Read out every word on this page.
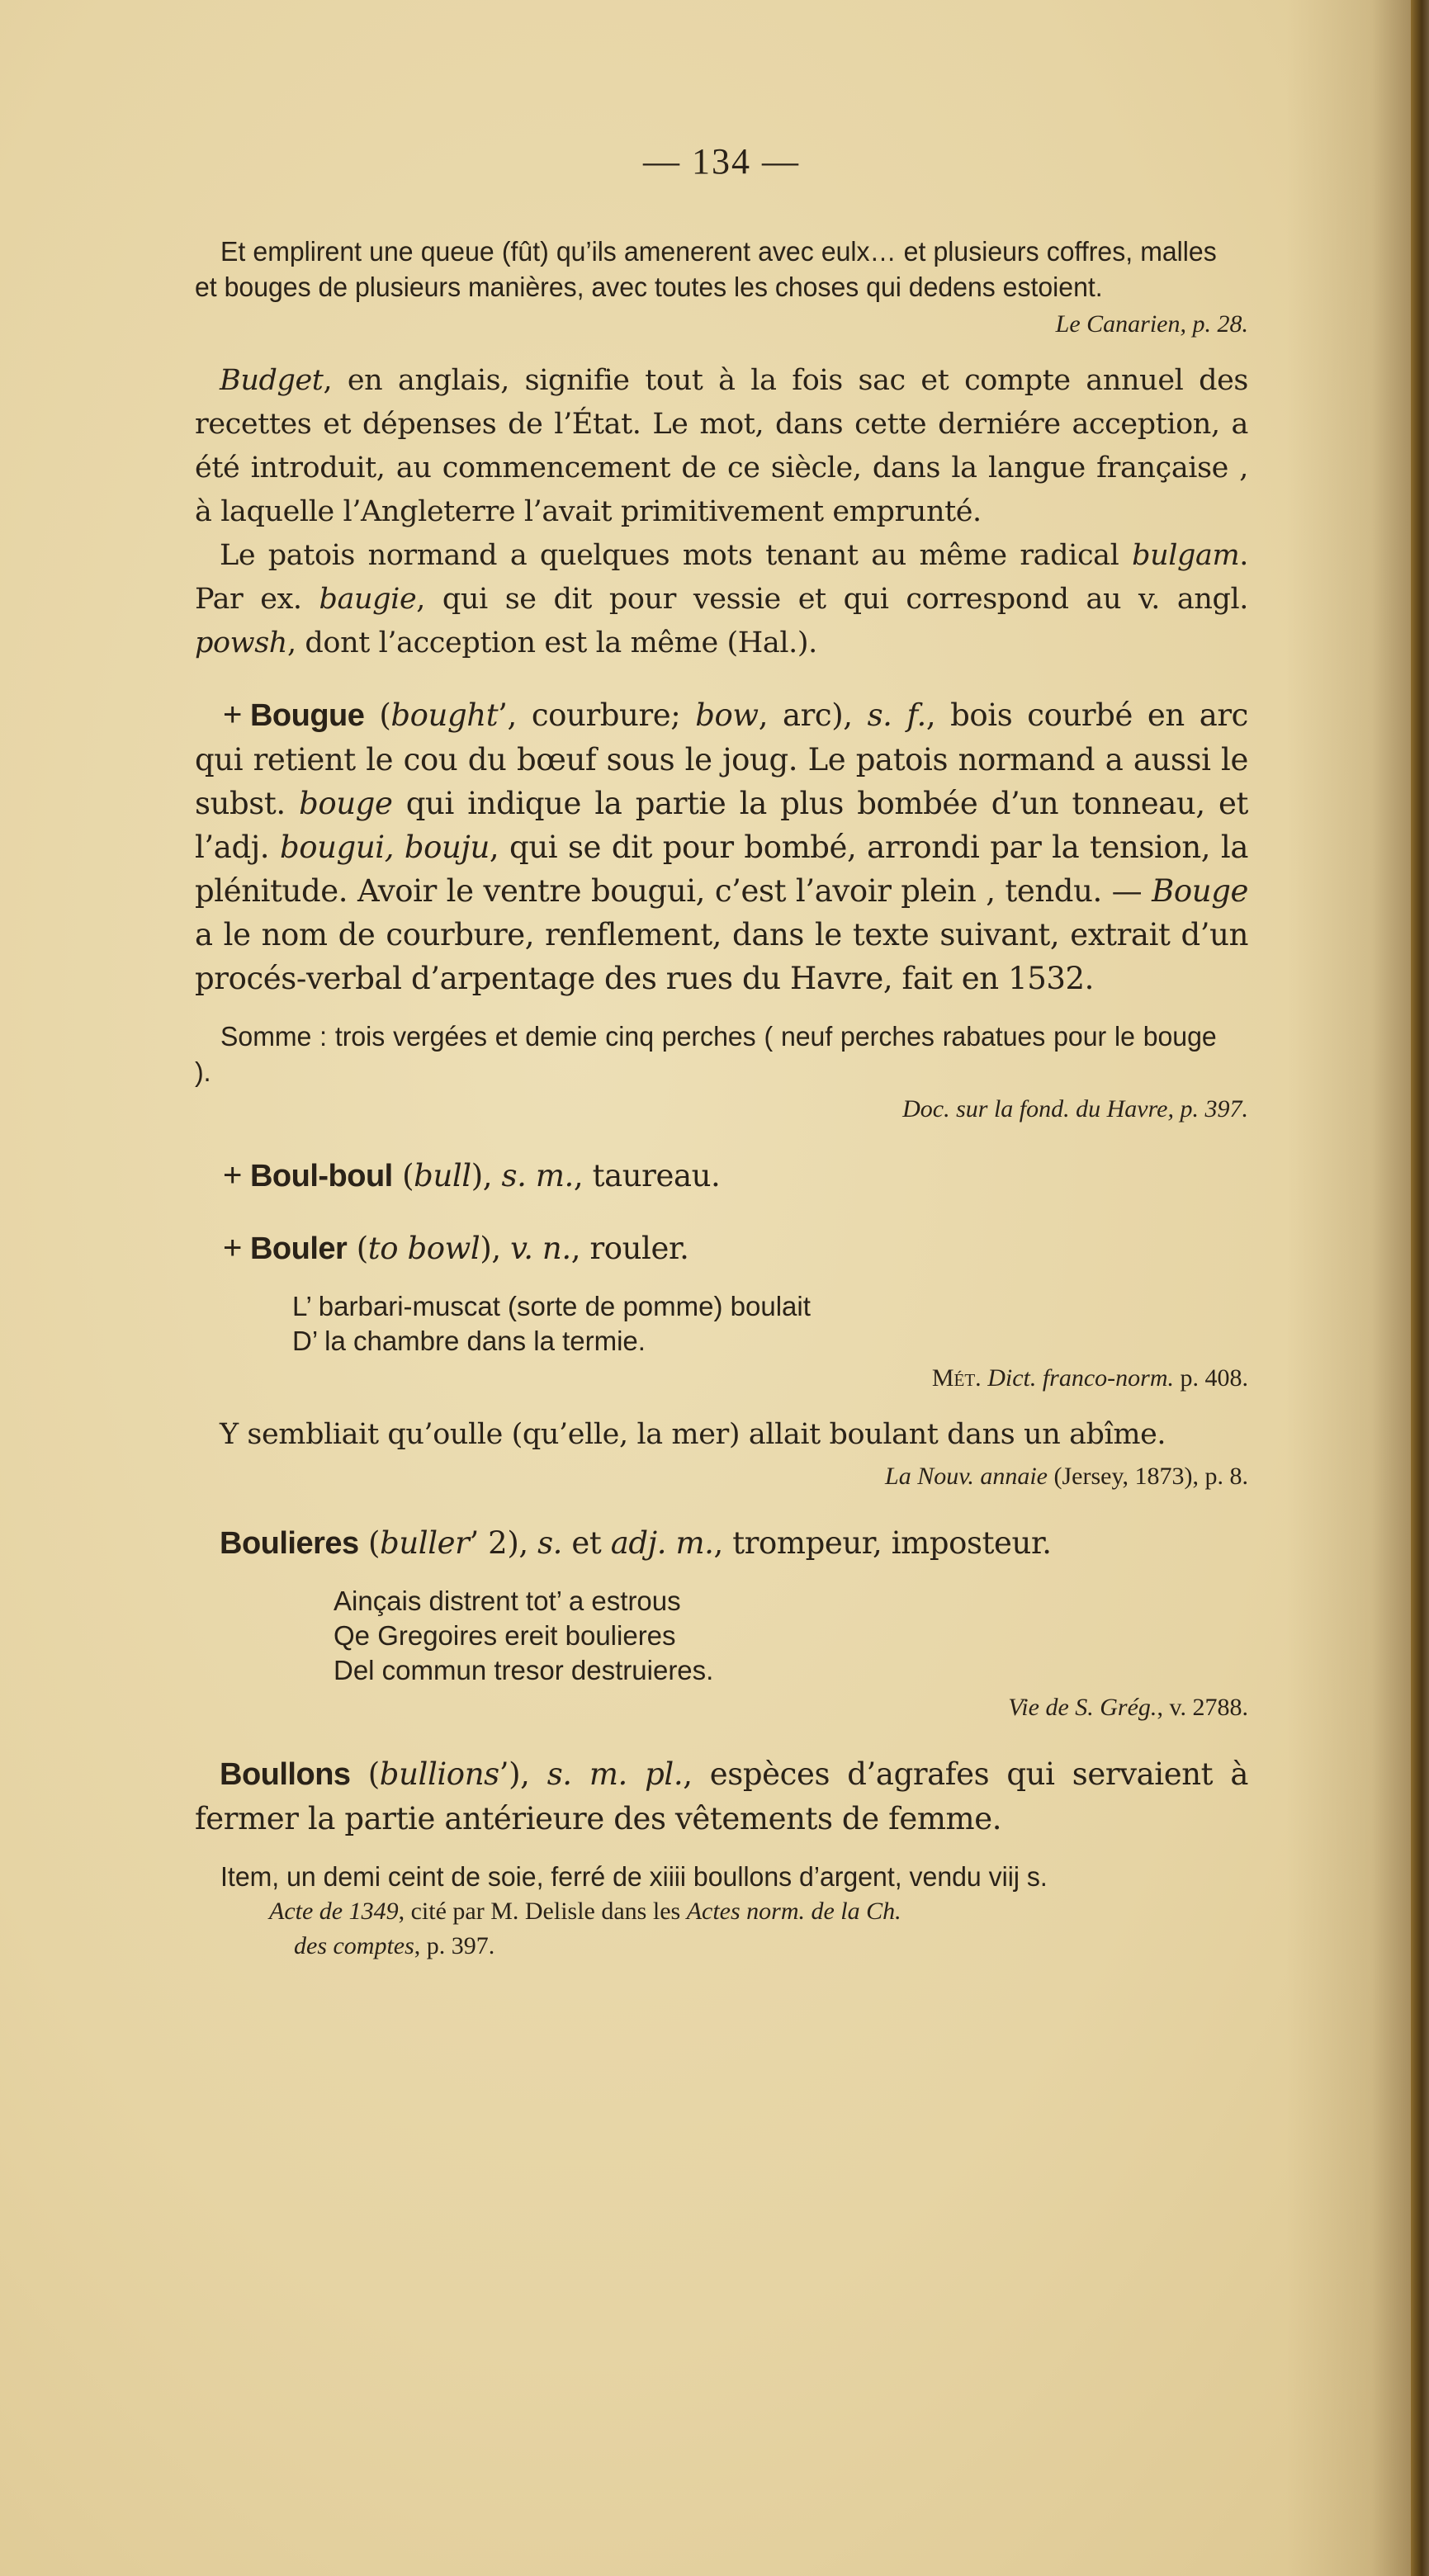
— 134 —

Et emplirent une queue (fût) qu’ils amenerent avec eulx… et plusieurs coffres, malles et bouges de plusieurs manières, avec toutes les choses qui dedens estoient.

Le Canarien, p. 28.

Budget, en anglais, signifie tout à la fois sac et compte annuel des recettes et dépenses de l’État. Le mot, dans cette derniére acception, a été introduit, au commencement de ce siècle, dans la langue française , à laquelle l’Angleterre l’avait primitivement emprunté.

Le patois normand a quelques mots tenant au même radical bulgam. Par ex. baugie, qui se dit pour vessie et qui correspond au v. angl. powsh, dont l’acception est la même (Hal.).

+ Bougue (bought’, courbure; bow, arc), s. f., bois courbé en arc qui retient le cou du bœuf sous le joug. Le patois normand a aussi le subst. bouge qui indique la partie la plus bombée d’un tonneau, et l’adj. bougui, bouju, qui se dit pour bombé, arrondi par la tension, la plénitude. Avoir le ventre bougui, c’est l’avoir plein , tendu. — Bouge a le nom de courbure, renflement, dans le texte suivant, extrait d’un procés-verbal d’arpentage des rues du Havre, fait en 1532.

Somme : trois vergées et demie cinq perches ( neuf perches rabatues pour le bouge ).

Doc. sur la fond. du Havre, p. 397.

+ Boul-boul (bull), s. m., taureau.

+ Bouler (to bowl), v. n., rouler.

L’ barbari-muscat (sorte de pomme) boulait

D’ la chambre dans la termie.

Mét. Dict. franco-norm. p. 408.

Y sembliait qu’oulle (qu’elle, la mer) allait boulant dans un abîme.

La Nouv. annaie (Jersey, 1873), p. 8.

Boulieres (buller’ 2), s. et adj. m., trompeur, imposteur.

Ainçais distrent tot’ a estrous

Qe Gregoires ereit boulieres

Del commun tresor destruieres.

Vie de S. Grég., v. 2788.

Boullons (bullions’), s. m. pl., espèces d’agrafes qui servaient à fermer la partie antérieure des vêtements de femme.

Item, un demi ceint de soie, ferré de xiiii boullons d’argent, vendu viij s.

Acte de 1349, cité par M. Delisle dans les Actes norm. de la Ch.

des comptes, p. 397.
